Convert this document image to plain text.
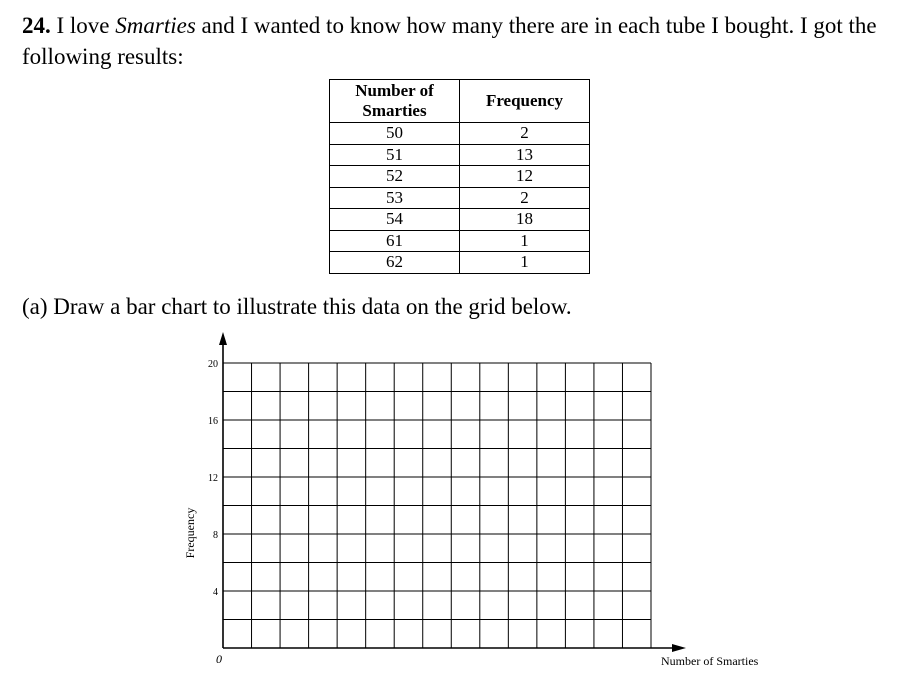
24. I love Smarties and I wanted to know how many there are in each tube I bought. I got the following results:
Number of Smarties	Frequency
50	2
51	13
52	12
53	2
54	18
61	1
62	1
(a) Draw a bar chart to illustrate this data on the grid below.
0
4
8
12
16
20
Frequency
Number of Smarties
